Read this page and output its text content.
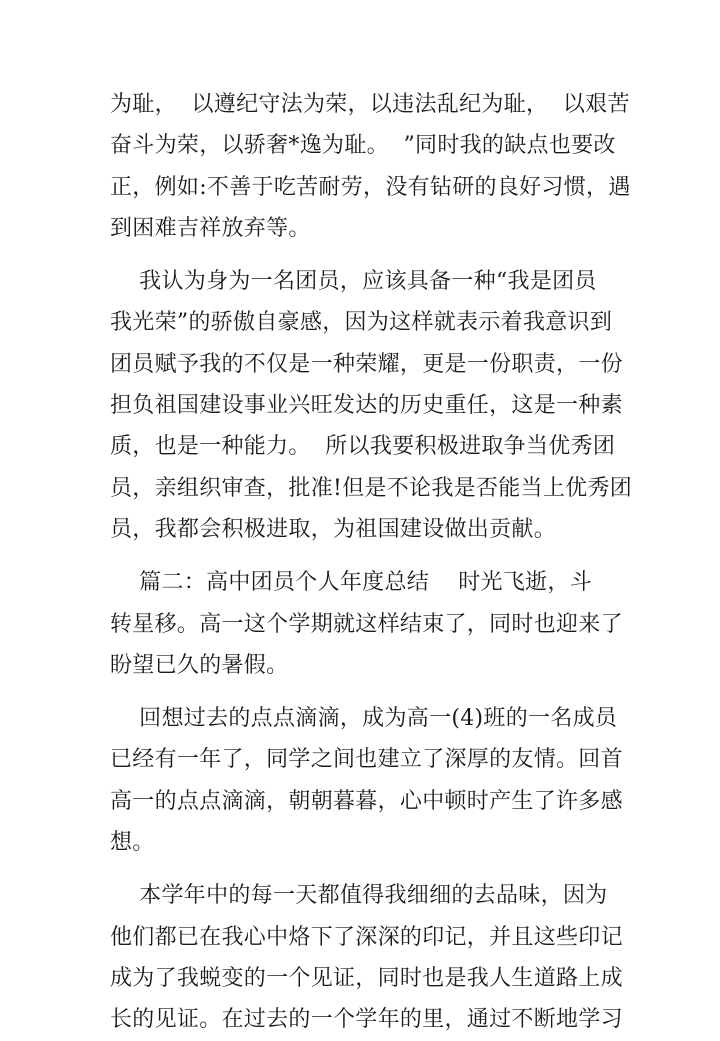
为耻，  以遵纪守法为荣，以违法乱纪为耻，  以艰苦
奋斗为荣，以骄奢*逸为耻。  ”同时我的缺点也要改
正，例如:不善于吃苦耐劳，没有钻研的良好习惯，遇
到困难吉祥放弃等。
我认为身为一名团员，应该具备一种“我是团员
我光荣”的骄傲自豪感，因为这样就表示着我意识到
团员赋予我的不仅是一种荣耀，更是一份职责，一份
担负祖国建设事业兴旺发达的历史重任，这是一种素
质，也是一种能力。  所以我要积极进取争当优秀团
员，亲组织审查，批准!但是不论我是否能当上优秀团
员，我都会积极进取，为祖国建设做出贡献。
篇二：高中团员个人年度总结    时光飞逝，斗
转星移。高一这个学期就这样结束了，同时也迎来了
盼望已久的暑假。
回想过去的点点滴滴，成为高一(4)班的一名成员
已经有一年了，同学之间也建立了深厚的友情。回首
高一的点点滴滴，朝朝暮暮，心中顿时产生了许多感
想。
本学年中的每一天都值得我细细的去品味，因为
他们都已在我心中烙下了深深的印记，并且这些印记
成为了我蜕变的一个见证，同时也是我人生道路上成
长的见证。在过去的一个学年的里，通过不断地学习
